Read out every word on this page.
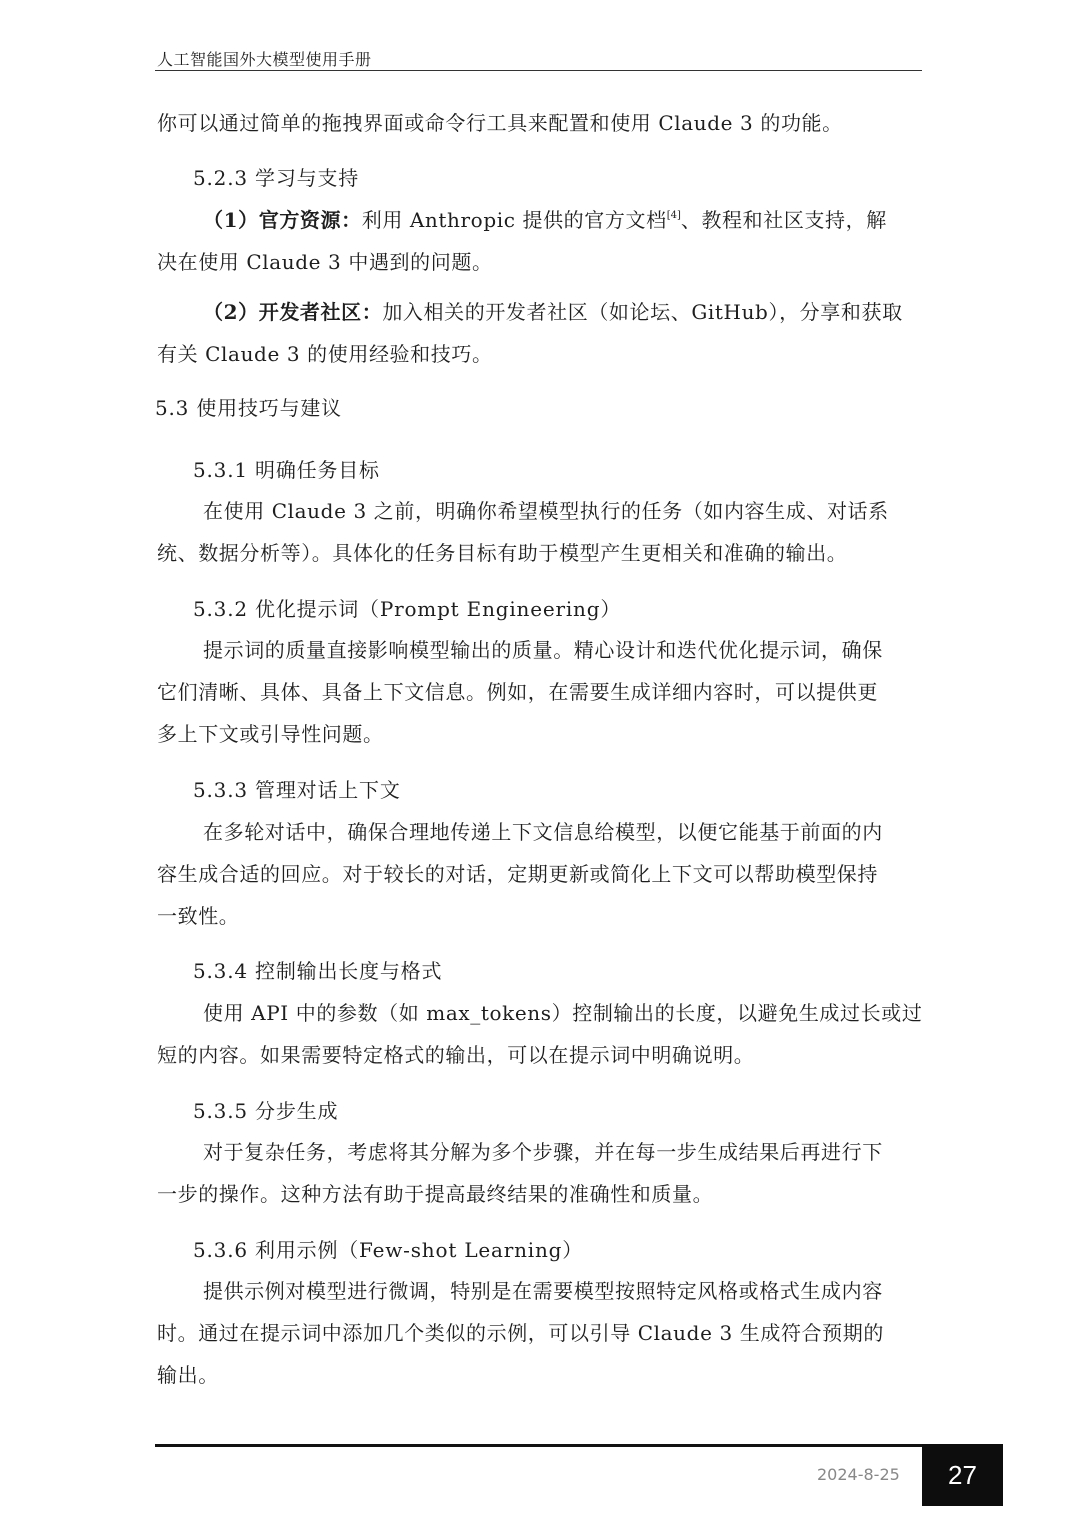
人工智能国外大模型使用手册
你可以通过简单的拖拽界面或命令行工具来配置和使用 Claude 3 的功能。
5.2.3 学习与支持
（1）官方资源：利用 Anthropic 提供的官方文档[4]、教程和社区支持，解
决在使用 Claude 3 中遇到的问题。
（2）开发者社区：加入相关的开发者社区（如论坛、GitHub），分享和获取
有关 Claude 3 的使用经验和技巧。
5.3 使用技巧与建议
5.3.1 明确任务目标
在使用 Claude 3 之前，明确你希望模型执行的任务（如内容生成、对话系
统、数据分析等）。具体化的任务目标有助于模型产生更相关和准确的输出。
5.3.2 优化提示词（Prompt Engineering）
提示词的质量直接影响模型输出的质量。精心设计和迭代优化提示词，确保
它们清晰、具体、具备上下文信息。例如，在需要生成详细内容时，可以提供更
多上下文或引导性问题。
5.3.3 管理对话上下文
在多轮对话中，确保合理地传递上下文信息给模型，以便它能基于前面的内
容生成合适的回应。对于较长的对话，定期更新或简化上下文可以帮助模型保持
一致性。
5.3.4 控制输出长度与格式
使用 API 中的参数（如 max_tokens）控制输出的长度，以避免生成过长或过
短的内容。如果需要特定格式的输出，可以在提示词中明确说明。
5.3.5 分步生成
对于复杂任务，考虑将其分解为多个步骤，并在每一步生成结果后再进行下
一步的操作。这种方法有助于提高最终结果的准确性和质量。
5.3.6 利用示例（Few-shot Learning）
提供示例对模型进行微调，特别是在需要模型按照特定风格或格式生成内容
时。通过在提示词中添加几个类似的示例，可以引导 Claude 3 生成符合预期的
输出。
2024-8-25 27
